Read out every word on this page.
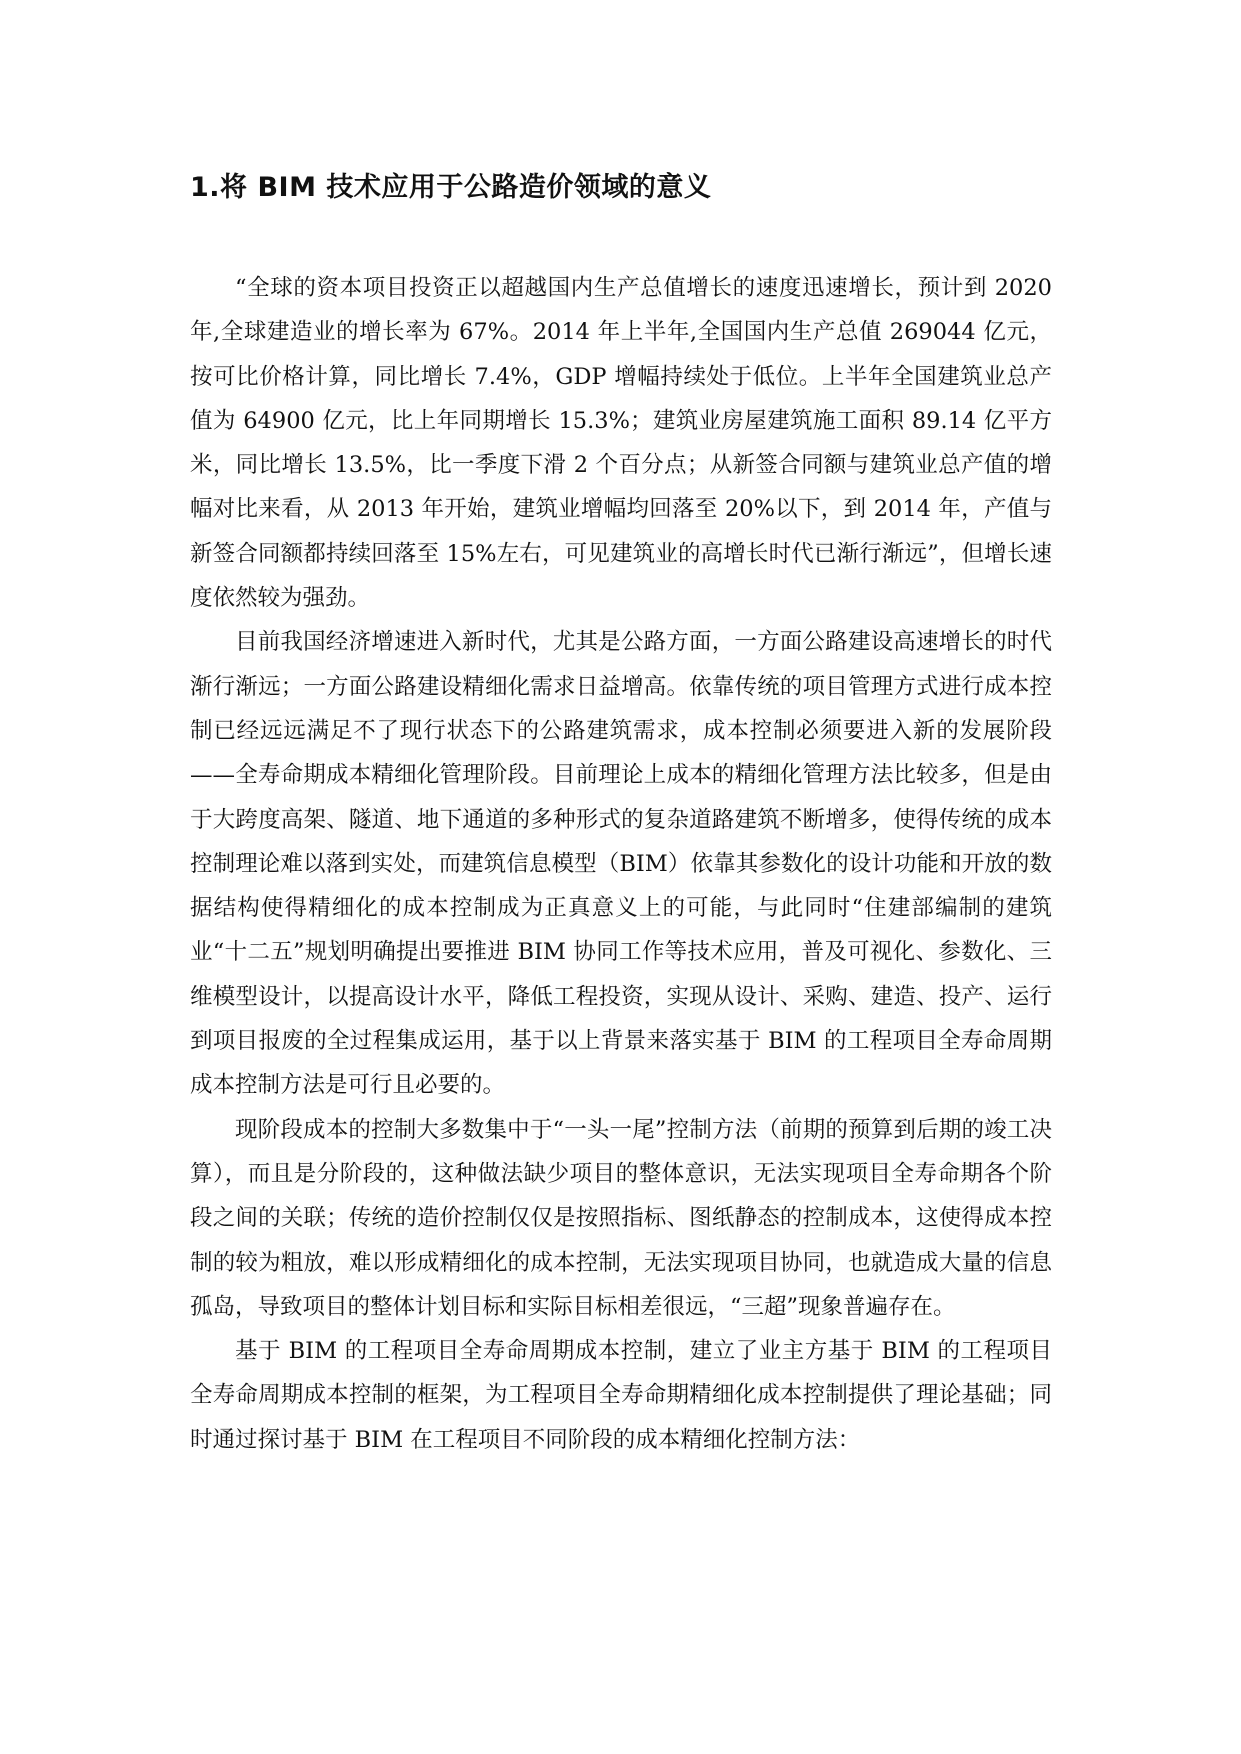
1.将 BIM 技术应用于公路造价领域的意义

“全球的资本项目投资正以超越国内生产总值增长的速度迅速增长，预计到 2020 年,全球建造业的增长率为 67%。2014 年上半年,全国国内生产总值 269044 亿元，按可比价格计算，同比增长 7.4%，GDP 增幅持续处于低位。上半年全国建筑业总产值为 64900 亿元，比上年同期增长 15.3%；建筑业房屋建筑施工面积 89.14 亿平方米，同比增长 13.5%，比一季度下滑 2 个百分点；从新签合同额与建筑业总产值的增幅对比来看，从 2013 年开始，建筑业增幅均回落至 20%以下，到 2014 年，产值与新签合同额都持续回落至 15%左右，可见建筑业的高增长时代已渐行渐远”，但增长速度依然较为强劲。

目前我国经济增速进入新时代，尤其是公路方面，一方面公路建设高速增长的时代渐行渐远；一方面公路建设精细化需求日益增高。依靠传统的项目管理方式进行成本控制已经远远满足不了现行状态下的公路建筑需求，成本控制必须要进入新的发展阶段——全寿命期成本精细化管理阶段。目前理论上成本的精细化管理方法比较多，但是由于大跨度高架、隧道、地下通道的多种形式的复杂道路建筑不断增多，使得传统的成本控制理论难以落到实处，而建筑信息模型（BIM）依靠其参数化的设计功能和开放的数据结构使得精细化的成本控制成为正真意义上的可能，与此同时“住建部编制的建筑业“十二五”规划明确提出要推进 BIM 协同工作等技术应用，普及可视化、参数化、三维模型设计，以提高设计水平，降低工程投资，实现从设计、采购、建造、投产、运行到项目报废的全过程集成运用，基于以上背景来落实基于 BIM 的工程项目全寿命周期成本控制方法是可行且必要的。

现阶段成本的控制大多数集中于“一头一尾”控制方法（前期的预算到后期的竣工决算），而且是分阶段的，这种做法缺少项目的整体意识，无法实现项目全寿命期各个阶段之间的关联；传统的造价控制仅仅是按照指标、图纸静态的控制成本，这使得成本控制的较为粗放，难以形成精细化的成本控制，无法实现项目协同，也就造成大量的信息孤岛，导致项目的整体计划目标和实际目标相差很远，“三超”现象普遍存在。

基于 BIM 的工程项目全寿命周期成本控制，建立了业主方基于 BIM 的工程项目全寿命周期成本控制的框架，为工程项目全寿命期精细化成本控制提供了理论基础；同时通过探讨基于 BIM 在工程项目不同阶段的成本精细化控制方法：
